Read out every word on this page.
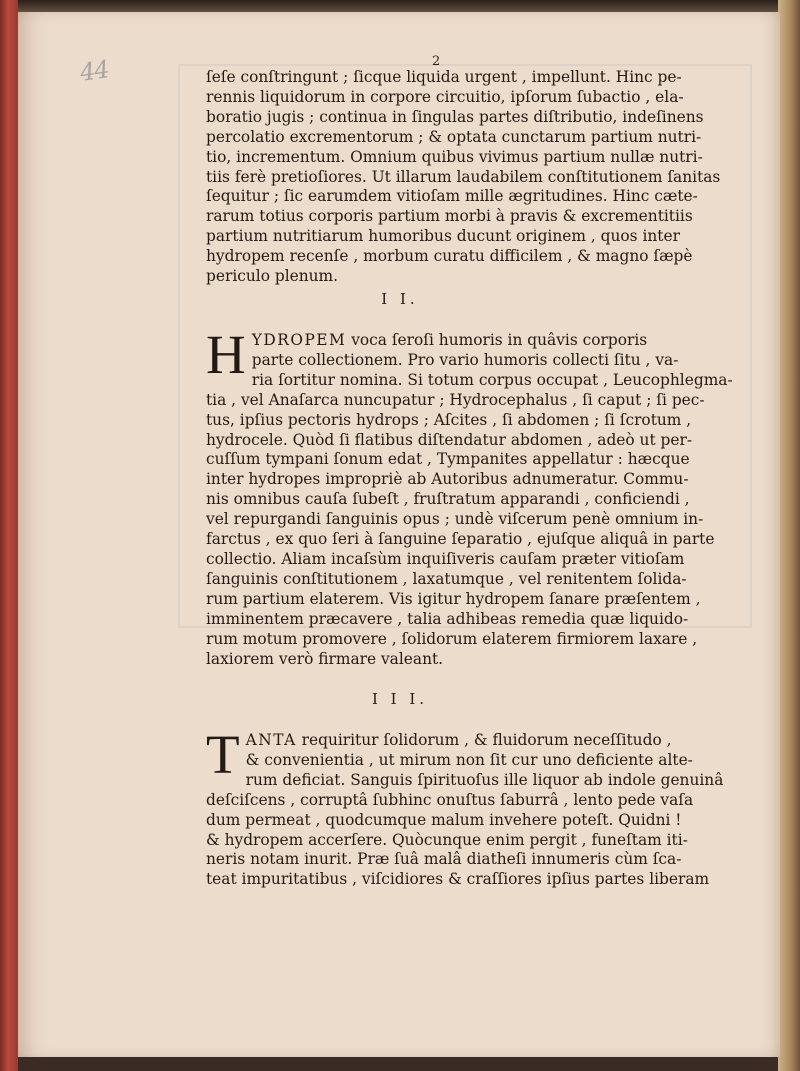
44	2
ſeſe conſtringunt ; ſicque liquida urgent , impellunt. Hinc pe-
rennis liquidorum in corpore circuitio, ipſorum ſubactio , ela-
boratio jugis ; continua in ſingulas partes diſtributio, indeſinens
percolatio excrementorum ; & optata cunctarum partium nutri-
tio, incrementum. Omnium quibus vivimus partium nullæ nutri-
tiis ferè pretioſiores. Ut illarum laudabilem conſtitutionem ſanitas
ſequitur ; ſic earumdem vitioſam mille ægritudines. Hinc cæte-
rarum totius corporis partium morbi à pravis & excrementitiis
partium nutritiarum humoribus ducunt originem , quos inter
hydropem recenſe , morbum curatu difficilem , & magno ſæpè
periculo plenum.
I I.
H YDROPEM voca ſeroſi humoris in quâvis corporis
parte collectionem. Pro vario humoris collecti ſitu , va-
ria ſortitur nomina. Si totum corpus occupat , Leucophlegma-
tia , vel Anaſarca nuncupatur ; Hydrocephalus , ſi caput ; ſi pec-
tus, ipſius pectoris hydrops ; Aſcites , ſi abdomen ; ſi ſcrotum ,
hydrocele. Quòd ſi flatibus diſtendatur abdomen , adeò ut per-
cuſſum tympani ſonum edat , Tympanites appellatur : hæcque
inter hydropes impropriè ab Autoribus adnumeratur. Commu-
nis omnibus cauſa ſubeſt , fruſtratum apparandi , conficiendi ,
vel repurgandi ſanguinis opus ; undè viſcerum penè omnium in-
farctus , ex quo ſeri à ſanguine ſeparatio , ejuſque aliquâ in parte
collectio. Aliam incaſsùm inquiſiveris cauſam præter vitioſam
ſanguinis conſtitutionem , laxatumque , vel renitentem ſolida-
rum partium elaterem. Vis igitur hydropem ſanare præſentem ,
imminentem præcavere , talia adhibeas remedia quæ liquido-
rum motum promovere , ſolidorum elaterem firmiorem laxare ,
laxiorem verò firmare valeant.
I I I.
T ANTA requiritur ſolidorum , & fluidorum neceſſitudo ,
& convenientia , ut mirum non ſit cur uno deficiente alte-
rum deficiat. Sanguis ſpirituoſus ille liquor ab indole genuinâ
deſciſcens , corruptâ ſubhinc onuſtus ſaburrâ , lento pede vaſa
dum permeat , quodcumque malum invehere poteſt. Quidni !
& hydropem accerſere. Quòcunque enim pergit , funeſtam iti-
neris notam inurit. Præ ſuâ malâ diatheſi innumeris cùm ſca-
teat impuritatibus , viſcidiores & craſſiores ipſius partes liberam
